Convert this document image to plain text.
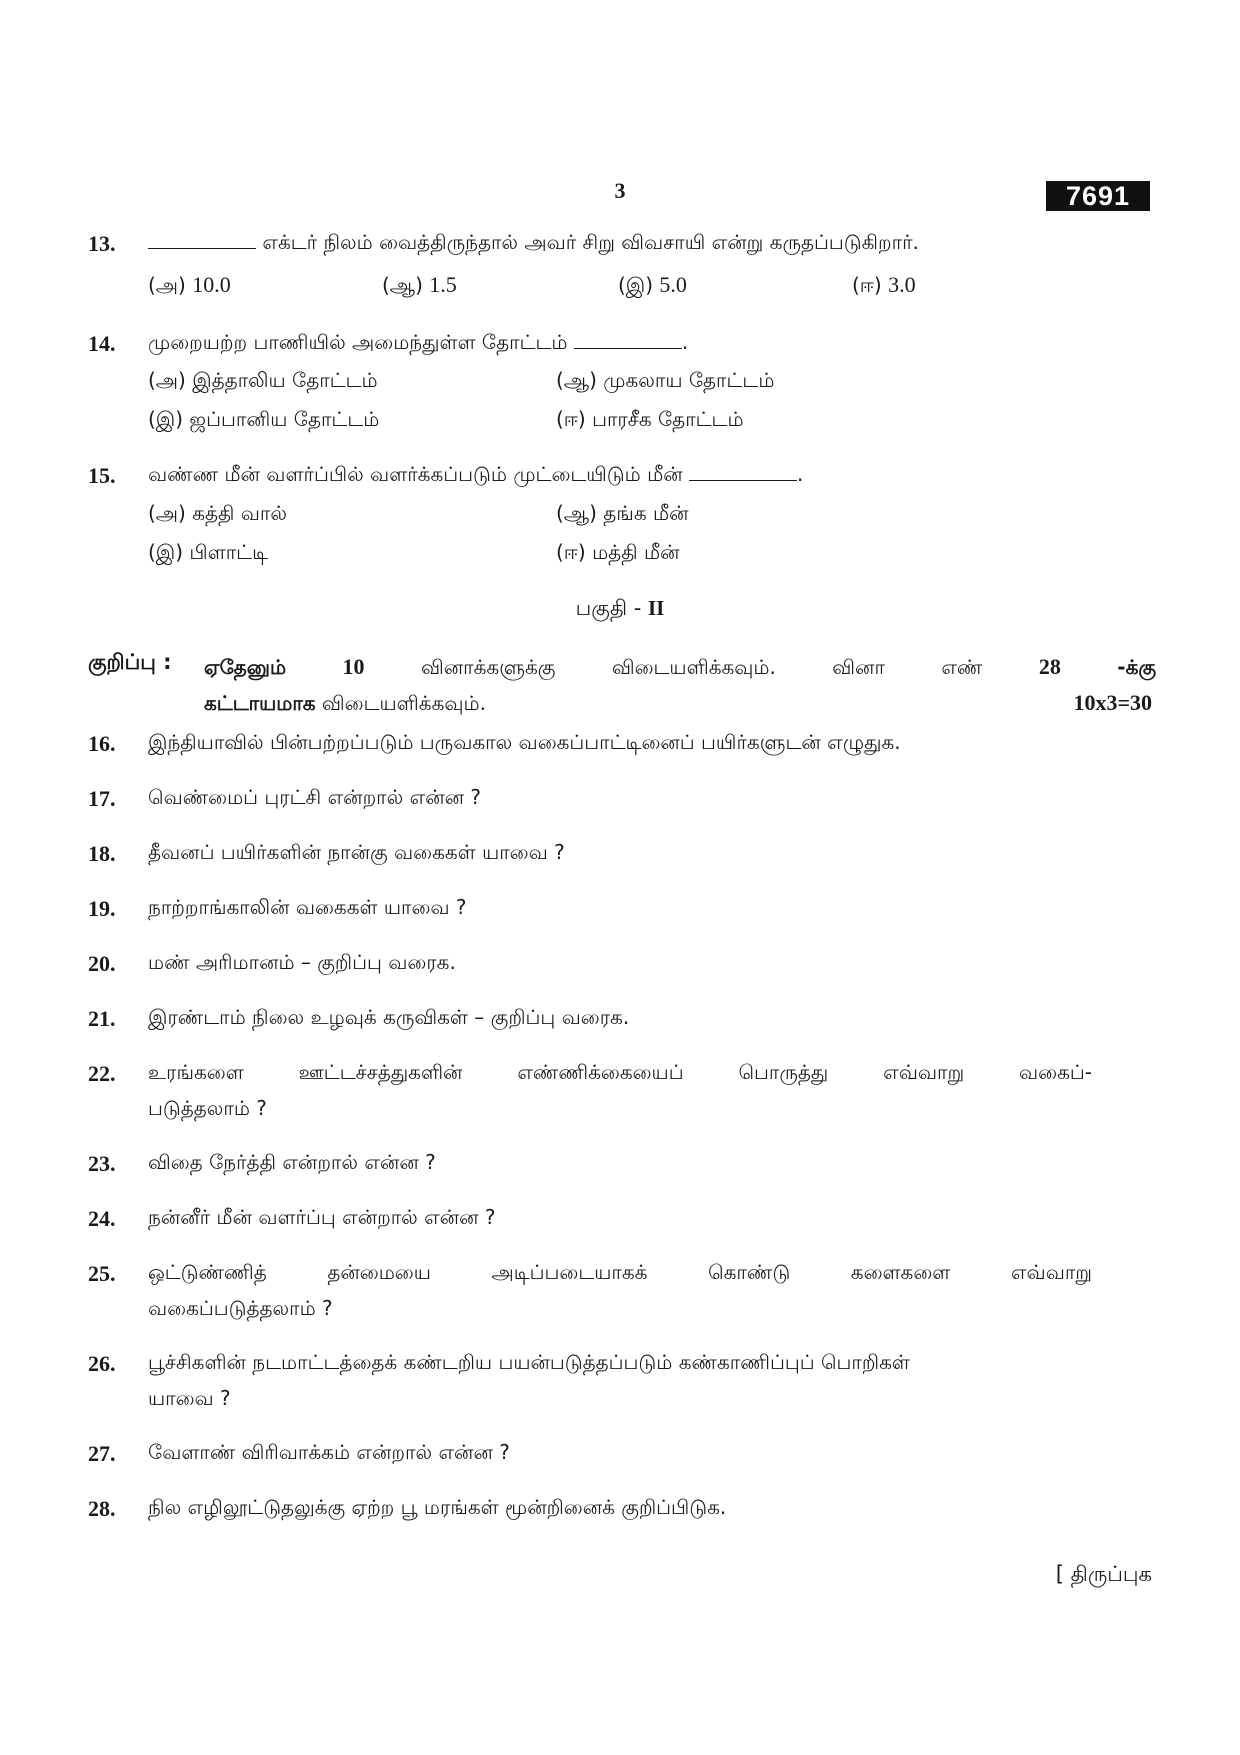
3	7691
13.	எக்டர் நிலம் வைத்திருந்தால் அவர் சிறு விவசாயி என்று கருதப்படுகிறார்.
(அ) 10.0	(ஆ) 1.5	(இ) 5.0	(ஈ) 3.0
14. முறையற்ற பாணியில் அமைந்துள்ள தோட்டம்	.
(அ) இத்தாலிய தோட்டம்	(ஆ) முகலாய தோட்டம்
(இ) ஜப்பானிய தோட்டம்	(ஈ) பாரசீக தோட்டம்
15. வண்ண மீன் வளர்ப்பில் வளர்க்கப்படும் முட்டையிடும் மீன்	.
(அ) கத்தி வால்	(ஆ) தங்க மீன்
(இ) பிளாட்டி	(ஈ) மத்தி மீன்
பகுதி - II
குறிப்பு : ஏதேனும்	10	வினாக்களுக்கு விடையளிக்கவும். வினா எண்	28	-க்கு
கட்டாயமாக விடையளிக்கவும்.	10x3=30
16. இந்தியாவில் பின்பற்றப்படும் பருவகால வகைப்பாட்டினைப் பயிர்களுடன் எழுதுக.
17. வெண்மைப் புரட்சி என்றால் என்ன ?
18. தீவனப் பயிர்களின் நான்கு வகைகள் யாவை ?
19. நாற்றாங்காலின் வகைகள் யாவை ?
20. மண் அரிமானம் – குறிப்பு வரைக.
21. இரண்டாம் நிலை உழவுக் கருவிகள் – குறிப்பு வரைக.
22. உரங்களை ஊட்டச்சத்துகளின் எண்ணிக்கையைப் பொருத்து எவ்வாறு வகைப்-
படுத்தலாம் ?
23. விதை நேர்த்தி என்றால் என்ன ?
24. நன்னீர் மீன் வளர்ப்பு என்றால் என்ன ?
25. ஒட்டுண்ணித் தன்மையை அடிப்படையாகக் கொண்டு களைகளை எவ்வாறு
வகைப்படுத்தலாம் ?
26. பூச்சிகளின் நடமாட்டத்தைக் கண்டறிய பயன்படுத்தப்படும் கண்காணிப்புப் பொறிகள்
யாவை ?
27. வேளாண் விரிவாக்கம் என்றால் என்ன ?
28. நில எழிலூட்டுதலுக்கு ஏற்ற பூ மரங்கள் மூன்றினைக் குறிப்பிடுக.
[ திருப்புக
